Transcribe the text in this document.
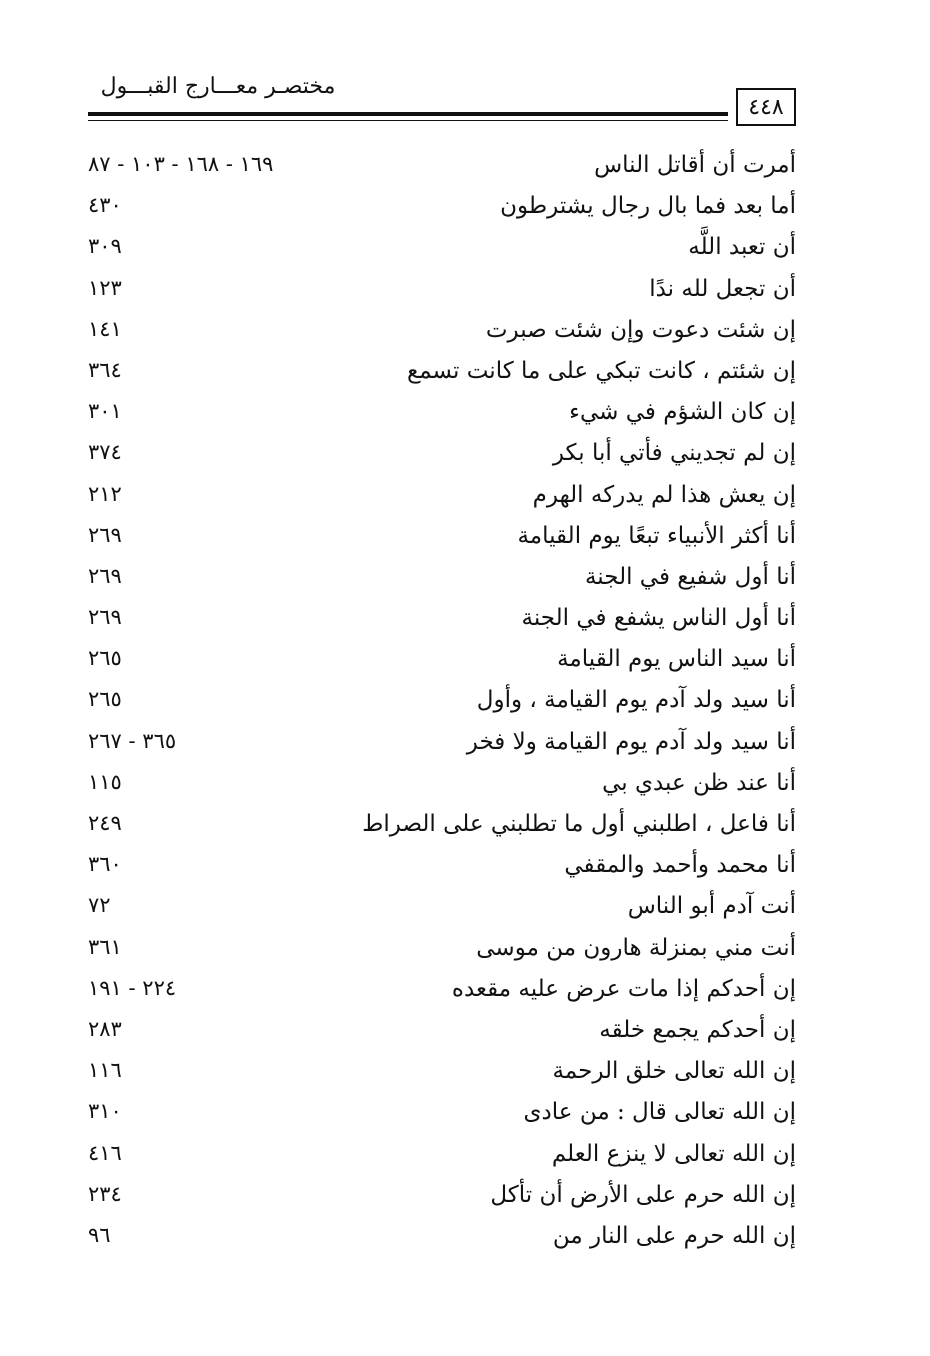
مختصـر معـــارج القبـــول
٤٤٨
أمرت أن أقاتل الناس
١٦٩ - ١٦٨ - ١٠٣ - ٨٧
أما بعد فما بال رجال يشترطون
٤٣٠
أن تعبد اللَّه
٣٠٩
أن تجعل لله ندًا
١٢٣
إن شئت دعوت وإن شئت صبرت
١٤١
إن شئتم ، كانت تبكي على ما كانت تسمع
٣٦٤
إن كان الشؤم في شيء
٣٠١
إن لم تجديني فأتي أبا بكر
٣٧٤
إن يعش هذا لم يدركه الهرم
٢١٢
أنا أكثر الأنبياء تبعًا يوم القيامة
٢٦٩
أنا أول شفيع في الجنة
٢٦٩
أنا أول الناس يشفع في الجنة
٢٦٩
أنا سيد الناس يوم القيامة
٢٦٥
أنا سيد ولد آدم يوم القيامة ، وأول
٢٦٥
أنا سيد ولد آدم يوم القيامة ولا فخر
٣٦٥ - ٢٦٧
أنا عند ظن عبدي بي
١١٥
أنا فاعل ، اطلبني أول ما تطلبني على الصراط
٢٤٩
أنا محمد وأحمد والمقفي
٣٦٠
أنت آدم أبو الناس
٧٢
أنت مني بمنزلة هارون من موسى
٣٦١
إن أحدكم إذا مات عرض عليه مقعده
٢٢٤ - ١٩١
إن أحدكم يجمع خلقه
٢٨٣
إن الله تعالى خلق الرحمة
١١٦
إن الله تعالى قال : من عادى
٣١٠
إن الله تعالى لا ينزع العلم
٤١٦
إن الله حرم على الأرض أن تأكل
٢٣٤
إن الله حرم على النار من
٩٦
